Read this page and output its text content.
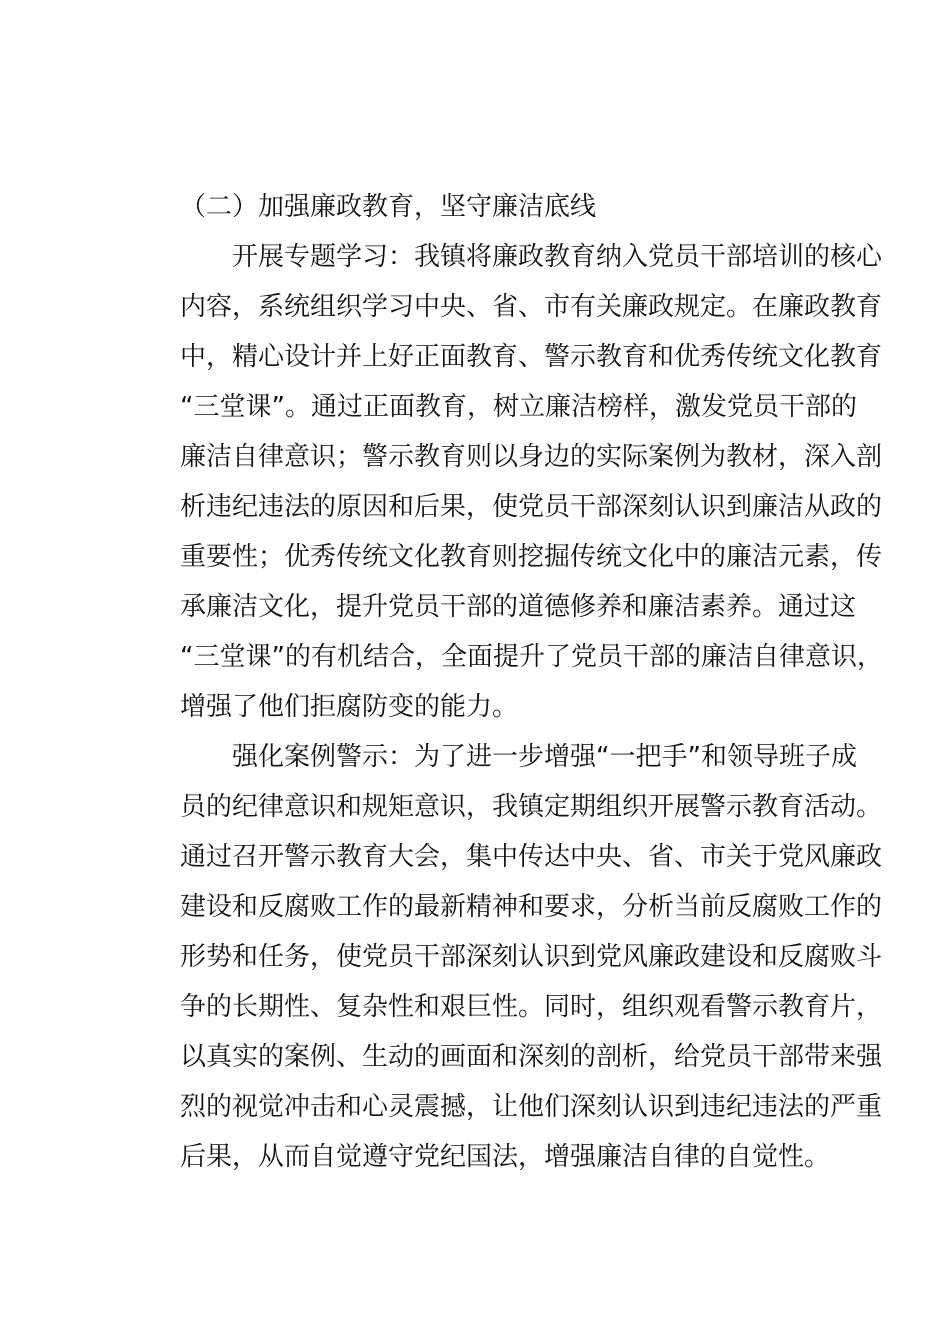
（二）加强廉政教育，坚守廉洁底线
开展专题学习：我镇将廉政教育纳入党员干部培训的核心
内容，系统组织学习中央、省、市有关廉政规定。在廉政教育
中，精心设计并上好正面教育、警示教育和优秀传统文化教育
“三堂课”。通过正面教育，树立廉洁榜样，激发党员干部的
廉洁自律意识；警示教育则以身边的实际案例为教材，深入剖
析违纪违法的原因和后果，使党员干部深刻认识到廉洁从政的
重要性；优秀传统文化教育则挖掘传统文化中的廉洁元素，传
承廉洁文化，提升党员干部的道德修养和廉洁素养。通过这
“三堂课”的有机结合，全面提升了党员干部的廉洁自律意识，
增强了他们拒腐防变的能力。
强化案例警示：为了进一步增强“一把手”和领导班子成
员的纪律意识和规矩意识，我镇定期组织开展警示教育活动。
通过召开警示教育大会，集中传达中央、省、市关于党风廉政
建设和反腐败工作的最新精神和要求，分析当前反腐败工作的
形势和任务，使党员干部深刻认识到党风廉政建设和反腐败斗
争的长期性、复杂性和艰巨性。同时，组织观看警示教育片，
以真实的案例、生动的画面和深刻的剖析，给党员干部带来强
烈的视觉冲击和心灵震撼，让他们深刻认识到违纪违法的严重
后果，从而自觉遵守党纪国法，增强廉洁自律的自觉性。
